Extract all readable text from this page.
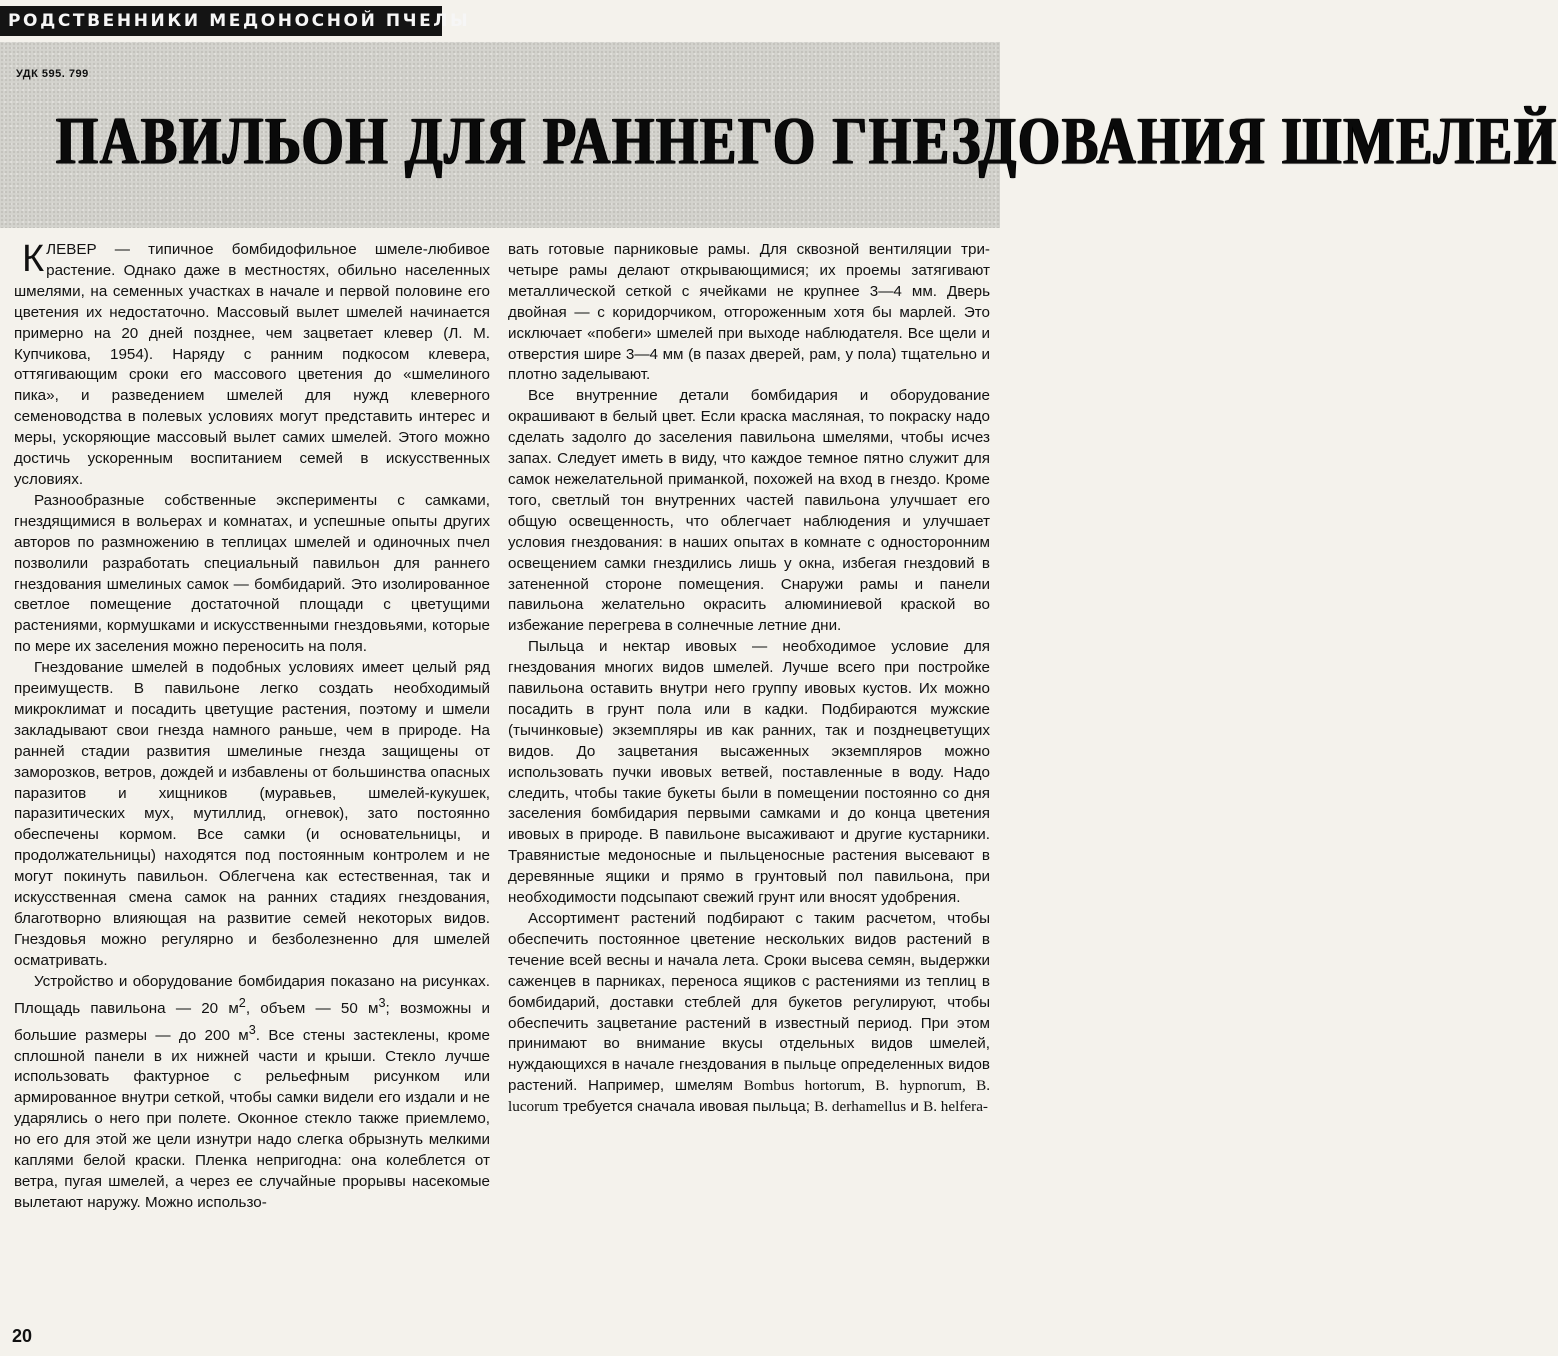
РОДСТВЕННИКИ МЕДОНОСНОЙ ПЧЕЛЫ
УДК 595. 799
ПАВИЛЬОН ДЛЯ РАННЕГО ГНЕЗДОВАНИЯ ШМЕЛЕЙ

КЛЕВЕР — типичное бомбидофильное шмеле-любивое растение. Однако даже в местностях, обильно населенных шмелями, на семенных участках в начале и первой половине его цветения их недостаточно. Массовый вылет шмелей начинается примерно на 20 дней позднее, чем зацветает клевер (Л. М. Купчикова, 1954). Наряду с ранним подкосом клевера, оттягивающим сроки его массового цветения до «шмелиного пика», и разведением шмелей для нужд клеверного семеноводства в полевых условиях могут представить интерес и меры, ускоряющие массовый вылет самих шмелей. Этого можно достичь ускоренным воспитанием семей в искусственных условиях.

Разнообразные собственные эксперименты с самками, гнездящимися в вольерах и комнатах, и успешные опыты других авторов по размножению в теплицах шмелей и одиночных пчел позволили разработать специальный павильон для раннего гнездования шмелиных самок — бомбидарий. Это изолированное светлое помещение достаточной площади с цветущими растениями, кормушками и искусственными гнездовьями, которые по мере их заселения можно переносить на поля.

Гнездование шмелей в подобных условиях имеет целый ряд преимуществ. В павильоне легко создать необходимый микроклимат и посадить цветущие растения, поэтому и шмели закладывают свои гнезда намного раньше, чем в природе. На ранней стадии развития шмелиные гнезда защищены от заморозков, ветров, дождей и избавлены от большинства опасных паразитов и хищников (муравьев, шмелей-кукушек, паразитических мух, мутиллид, огневок), зато постоянно обеспечены кормом. Все самки (и основательницы, и продолжательницы) находятся под постоянным контролем и не могут покинуть павильон. Облегчена как естественная, так и искусственная смена самок на ранних стадиях гнездования, благотворно влияющая на развитие семей некоторых видов. Гнездовья можно регулярно и безболезненно для шмелей осматривать.

Устройство и оборудование бомбидария показано на рисунках. Площадь павильона — 20 $м^2$, объем — 50 $м^3$; возможны и большие размеры — до 200 $м^3$. Все стены застеклены, кроме сплошной панели в их нижней части и крыши. Стекло лучше использовать фактурное с рельефным рисунком или армированное внутри сеткой, чтобы самки видели его издали и не ударялись о него при полете. Оконное стекло также приемлемо, но его для этой же цели изнутри надо слегка обрызнуть мелкими каплями белой краски. Пленка непригодна: она колеблется от ветра, пугая шмелей, а через ее случайные прорывы насекомые вылетают наружу. Можно использо-

вать готовые парниковые рамы. Для сквозной вентиляции три-четыре рамы делают открывающимися; их проемы затягивают металлической сеткой с ячейками не крупнее 3—4 мм. Дверь двойная — с коридорчиком, отгороженным хотя бы марлей. Это исключает «побеги» шмелей при выходе наблюдателя. Все щели и отверстия шире 3—4 мм (в пазах дверей, рам, у пола) тщательно и плотно заделывают.

Все внутренние детали бомбидария и оборудование окрашивают в белый цвет. Если краска масляная, то покраску надо сделать задолго до заселения павильона шмелями, чтобы исчез запах. Следует иметь в виду, что каждое темное пятно служит для самок нежелательной приманкой, похожей на вход в гнездо. Кроме того, светлый тон внутренних частей павильона улучшает его общую освещенность, что облегчает наблюдения и улучшает условия гнездования: в наших опытах в комнате с односторонним освещением самки гнездились лишь у окна, избегая гнездовий в затененной стороне помещения. Снаружи рамы и панели павильона желательно окрасить алюминиевой краской во избежание перегрева в солнечные летние дни.

Пыльца и нектар ивовых — необходимое условие для гнездования многих видов шмелей. Лучше всего при постройке павильона оставить внутри него группу ивовых кустов. Их можно посадить в грунт пола или в кадки. Подбираются мужские (тычинковые) экземпляры ив как ранних, так и позднецветущих видов. До зацветания высаженных экземпляров можно использовать пучки ивовых ветвей, поставленные в воду. Надо следить, чтобы такие букеты были в помещении постоянно со дня заселения бомбидария первыми самками и до конца цветения ивовых в природе. В павильоне высаживают и другие кустарники. Травянистые медоносные и пыльценосные растения высевают в деревянные ящики и прямо в грунтовый пол павильона, при необходимости подсыпают свежий грунт или вносят удобрения.

Ассортимент растений подбирают с таким расчетом, чтобы обеспечить постоянное цветение нескольких видов растений в течение всей весны и начала лета. Сроки высева семян, выдержки саженцев в парниках, переноса ящиков с растениями из теплиц в бомбидарий, доставки стеблей для букетов регулируют, чтобы обеспечить зацветание растений в известный период. При этом принимают во внимание вкусы отдельных видов шмелей, нуждающихся в начале гнездования в пыльце определенных видов растений. Например, шмелям Bombus hortorum, B. hypnorum, B. lucorum требуется сначала ивовая пыльца; B. derhamellus и B. helfera-

20
